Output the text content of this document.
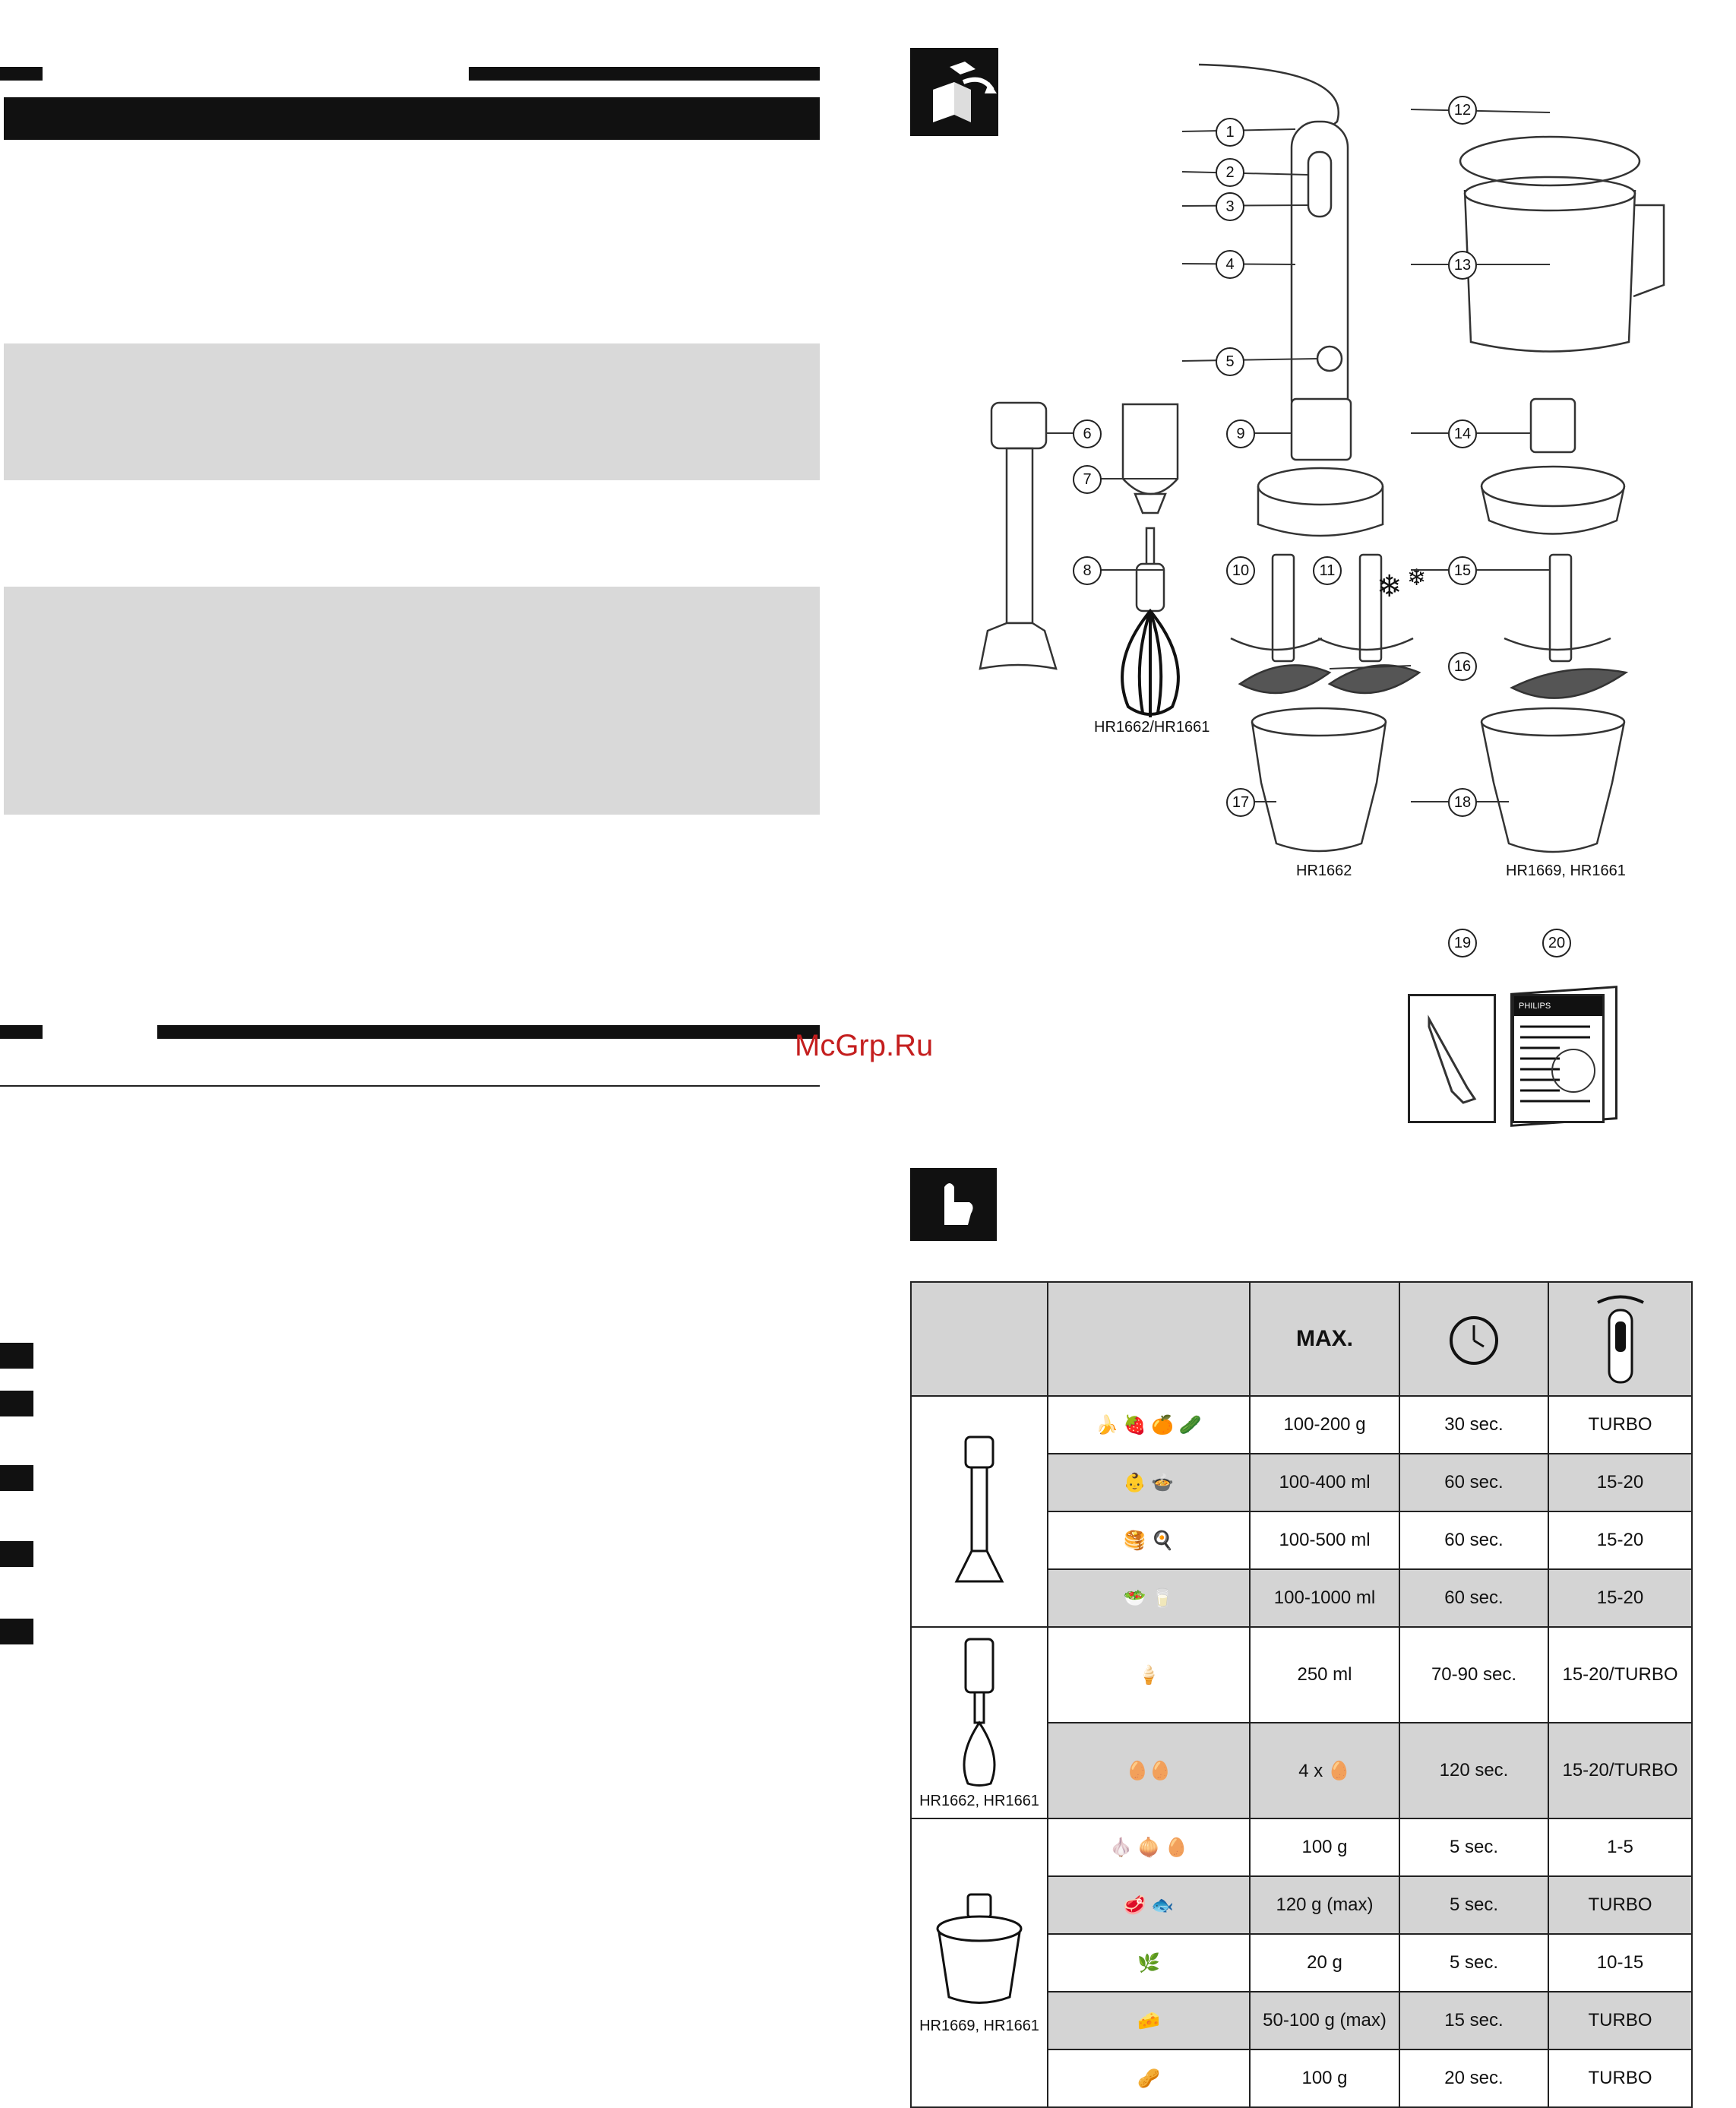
McGrp.Ru
❄ ❄
1
2
3
4
5
6
7
8
9
10	11
12
13
14
15
16
17	18
19	20
HR1662/HR1661
HR1662	HR1669, HR1661
PHILIPS
		MAX.		
	🍌 🍓 🍊 🥒	100-200 g	30 sec.	TURBO
	👶 🍲	100-400 ml	60 sec.	15-20
	🥞 🍳	100-500 ml	60 sec.	15-20
	🥗 🥛	100-1000 ml	60 sec.	15-20

HR1662, HR1661	🍦	250 ml	70-90 sec.	15-20/TURBO
	🥚🥚	4 x 🥚	120 sec.	15-20/TURBO

HR1669, HR1661	🧄 🧅 🥚	100 g	5 sec.	1-5
	🥩 🐟	120 g (max)	5 sec.	TURBO
	🌿	20 g	5 sec.	10-15
	🧀	50-100 g (max)	15 sec.	TURBO
	🥜	100 g	20 sec.	TURBO
